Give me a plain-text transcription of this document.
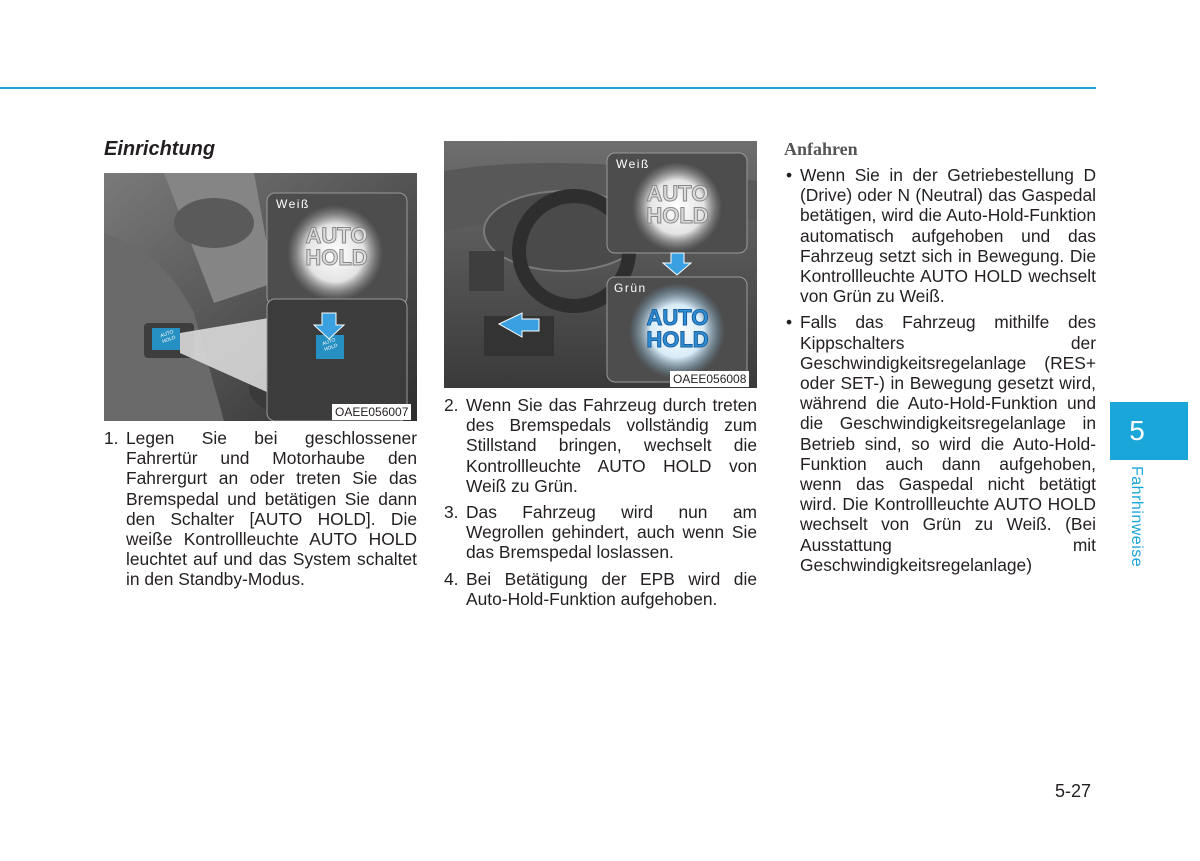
Einrichtung	Anfahren
Weiß
AUTO
HOLD
AUTO HOLD	AUTO HOLD
OAEE056007
Weiß
AUTO
HOLD
Grün
AUTO
HOLD
OAEE056008
1. Legen Sie bei geschlossener Fahrertür und Motorhaube den Fahrergurt an oder treten Sie das Bremspedal und betätigen Sie dann den Schalter [AUTO HOLD]. Die weiße Kontrollleuchte AUTO HOLD leuchtet auf und das System schaltet in den Standby-Modus.
2. Wenn Sie das Fahrzeug durch treten des Bremspedals vollständig zum Stillstand bringen, wechselt die Kontrollleuchte AUTO HOLD von Weiß zu Grün.
3. Das Fahrzeug wird nun am Wegrollen gehindert, auch wenn Sie das Bremspedal loslassen.
4. Bei Betätigung der EPB wird die Auto-Hold-Funktion aufgehoben.
• Wenn Sie in der Getriebestellung D (Drive) oder N (Neutral) das Gaspedal betätigen, wird die Auto-Hold-Funktion automatisch aufgehoben und das Fahrzeug setzt sich in Bewegung. Die Kontrollleuchte AUTO HOLD wechselt von Grün zu Weiß.
• Falls das Fahrzeug mithilfe des Kippschalters der Geschwindigkeitsregelanlage (RES+ oder SET-) in Bewegung gesetzt wird, während die Auto-Hold-Funktion und die Geschwindigkeitsregelanlage in Betrieb sind, so wird die Auto-Hold-Funktion auch dann aufgehoben, wenn das Gaspedal nicht betätigt wird. Die Kontrollleuchte AUTO HOLD wechselt von Grün zu Weiß. (Bei Ausstattung mit Geschwindigkeitsregelanlage)
5
Fahrhinweise
5-27
